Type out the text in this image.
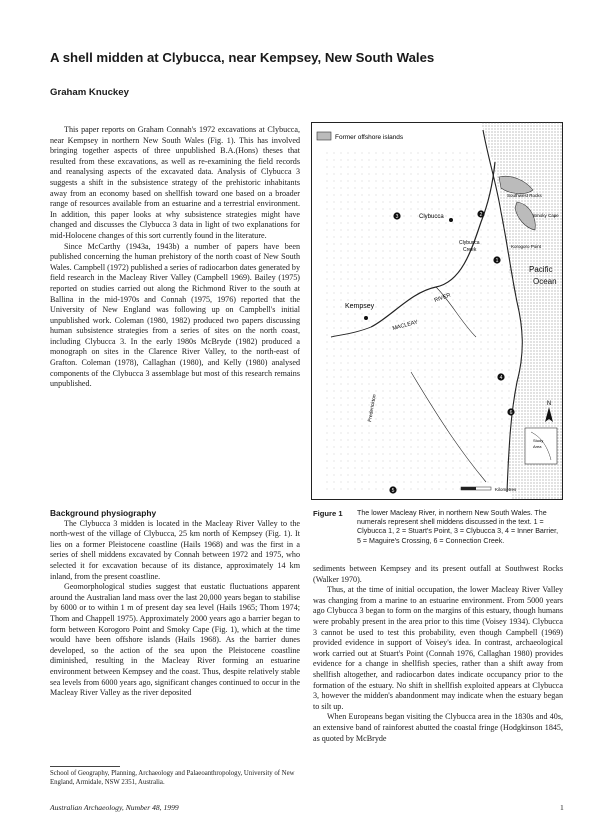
A shell midden at Clybucca, near Kempsey, New South Wales
Graham Knuckey

This paper reports on Graham Connah's 1972 excavations at Clybucca, near Kempsey in northern New South Wales (Fig. 1). This has involved bringing together aspects of three unpublished B.A.(Hons) theses that resulted from these excavations, as well as re-examining the field records and reanalysing aspects of the excavated data. Analysis of Clybucca 3 suggests a shift in the subsistence strategy of the prehistoric inhabitants away from an economy based on shellfish toward one based on a broader range of resources available from an estuarine and a terrestrial environment. In addition, this paper looks at why subsistence strategies might have changed and discusses the Clybucca 3 data in light of two explanations for mid-Holocene changes of this sort currently found in the literature.

Since McCarthy (1943a, 1943b) a number of papers have been published concerning the human prehistory of the north coast of New South Wales. Campbell (1972) published a series of radiocarbon dates generated by field research in the Macleay River Valley (Campbell 1969). Bailey (1975) reported on studies carried out along the Richmond River to the south at Ballina in the mid-1970s and Connah (1975, 1976) reported that the University of New England was following up on Campbell's initial unpublished work. Coleman (1980, 1982) produced two papers discussing human subsistence strategies from a series of sites on the north coast, including Clybucca 3. In the early 1980s McBryde (1982) produced a monograph on sites in the Clarence River Valley, to the north-east of Grafton. Coleman (1978), Callaghan (1980), and Kelly (1980) analysed components of the Clybucca 3 assemblage but most of this research remains unpublished.

Background physiography

The Clybucca 3 midden is located in the Macleay River Valley to the north-west of the village of Clybucca, 25 km north of Kempsey (Fig. 1). It lies on a former Pleistocene coastline (Hails 1968) and was the first in a series of shell middens excavated by Connah between 1972 and 1975, who selected it for excavation because of its distance, approximately 14 km inland, from the present coastline.

Geomorphological studies suggest that eustatic fluctuations apparent around the Australian land mass over the last 20,000 years began to stabilise by 6000 or to within 1 m of present day sea level (Hails 1965; Thom 1974; Thom and Chappell 1975). Approximately 2000 years ago a barrier began to form between Korogoro Point and Smoky Cape (Fig. 1), which at the time would have been offshore islands (Hails 1968). As the barrier dunes developed, so the action of the sea upon the Pleistocene coastline diminished, resulting in the Macleay River forming an estuarine environment between Kempsey and the coast. Thus, despite relatively stable sea levels from 6000 years ago, significant changes continued to occur in the Macleay River Valley as the river deposited

Former offshore islands
Kempsey
Clybucca
Clybucca
Creek
MACLEAY
RIVER
Frederickton
Southwest Rocks
Smoky Cape
Korogoro Point
Pacific
Ocean
1
2
3
4
5
6
N
Study
Area
Kilometres
Figure 1 The lower Macleay River, in northern New South Wales. The numerals represent shell middens discussed in the text. 1 = Clybucca 1, 2 = Stuart's Point, 3 = Clybucca 3, 4 = Inner Barrier, 5 = Maguire's Crossing, 6 = Connection Creek.

sediments between Kempsey and its present outfall at Southwest Rocks (Walker 1970).

Thus, at the time of initial occupation, the lower Macleay River Valley was changing from a marine to an estuarine environment. From 5000 years ago Clybucca 3 began to form on the margins of this estuary, though humans were probably present in the area prior to this time (Voisey 1934). Clybucca 3 cannot be used to test this probability, even though Campbell (1969) provided evidence in support of Voisey's idea. In contrast, archaeological work carried out at Stuart's Point (Connah 1976, Callaghan 1980) provides evidence for a change in shellfish species, rather than a shift away from shellfish altogether, and radiocarbon dates indicate occupancy prior to the formation of the estuary. No shift in shellfish exploited appears at Clybucca 3, however the midden's abandonment may indicate when the estuary began to silt up.

When Europeans began visiting the Clybucca area in the 1830s and 40s, an extensive band of rainforest abutted the coastal fringe (Hodgkinson 1845, as quoted by McBryde

School of Geography, Planning, Archaeology and Palaeoanthropology, University of New England, Armidale, NSW 2351, Australia.
Australian Archaeology, Number 48, 1999	1
